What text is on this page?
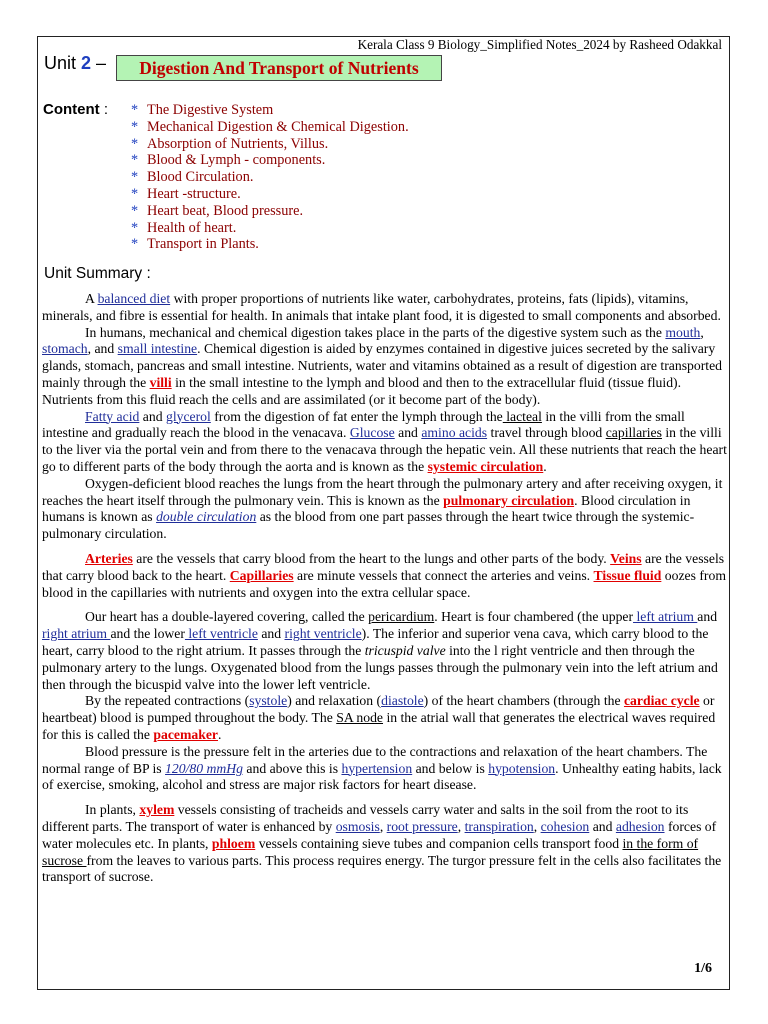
Kerala Class 9 Biology_Simplified Notes_2024 by Rasheed Odakkal
Unit 2 –	Digestion And Transport of Nutrients
Content : * The Digestive System
* Mechanical Digestion & Chemical Digestion.
* Absorption of Nutrients, Villus.
* Blood & Lymph - components.
* Blood Circulation.
* Heart -structure.
* Heart beat, Blood pressure.
* Health of heart.
* Transport in Plants.
Unit Summary :

A balanced diet with proper proportions of nutrients like water, carbohydrates, proteins, fats (lipids), vitamins, minerals, and fibre is essential for health. In animals that intake plant food, it is digested to small components and absorbed.

In humans, mechanical and chemical digestion takes place in the parts of the digestive system such as the mouth, stomach, and small intestine. Chemical digestion is aided by enzymes contained in digestive juices secreted by the salivary glands, stomach, pancreas and small intestine. Nutrients, water and vitamins obtained as a result of digestion are transported mainly through the villi in the small intestine to the lymph and blood and then to the extracellular fluid (tissue fluid). Nutrients from this fluid reach the cells and are assimilated (or it become part of the body).

Fatty acid and glycerol from the digestion of fat enter the lymph through the lacteal in the villi from the small intestine and gradually reach the blood in the venacava. Glucose and amino acids travel through blood capillaries in the villi to the liver via the portal vein and from there to the venacava through the hepatic vein. All these nutrients that reach the heart go to different parts of the body through the aorta and is known as the systemic circulation.

Oxygen-deficient blood reaches the lungs from the heart through the pulmonary artery and after receiving oxygen, it reaches the heart itself through the pulmonary vein. This is known as the pulmonary circulation. Blood circulation in humans is known as double circulation as the blood from one part passes through the heart twice through the systemic-pulmonary circulation.

Arteries are the vessels that carry blood from the heart to the lungs and other parts of the body. Veins are the vessels that carry blood back to the heart. Capillaries are minute vessels that connect the arteries and veins. Tissue fluid oozes from blood in the capillaries with nutrients and oxygen into the extra cellular space.

Our heart has a double-layered covering, called the pericardium. Heart is four chambered (the upper left atrium and right atrium and the lower left ventricle and right ventricle). The inferior and superior vena cava, which carry blood to the heart, carry blood to the right atrium. It passes through the tricuspid valve into the l right ventricle and then through the pulmonary artery to the lungs. Oxygenated blood from the lungs passes through the pulmonary vein into the left atrium and then through the bicuspid valve into the lower left ventricle.

By the repeated contractions (systole) and relaxation (diastole) of the heart chambers (through the cardiac cycle or heartbeat) blood is pumped throughout the body. The SA node in the atrial wall that generates the electrical waves required for this is called the pacemaker.

Blood pressure is the pressure felt in the arteries due to the contractions and relaxation of the heart chambers. The normal range of BP is 120/80 mmHg and above this is hypertension and below is hypotension. Unhealthy eating habits, lack of exercise, smoking, alcohol and stress are major risk factors for heart disease.

In plants, xylem vessels consisting of tracheids and vessels carry water and salts in the soil from the root to its different parts. The transport of water is enhanced by osmosis, root pressure, transpiration, cohesion and adhesion forces of water molecules etc. In plants, phloem vessels containing sieve tubes and companion cells transport food in the form of sucrose from the leaves to various parts. This process requires energy. The turgor pressure felt in the cells also facilitates the transport of sucrose.

1/6
